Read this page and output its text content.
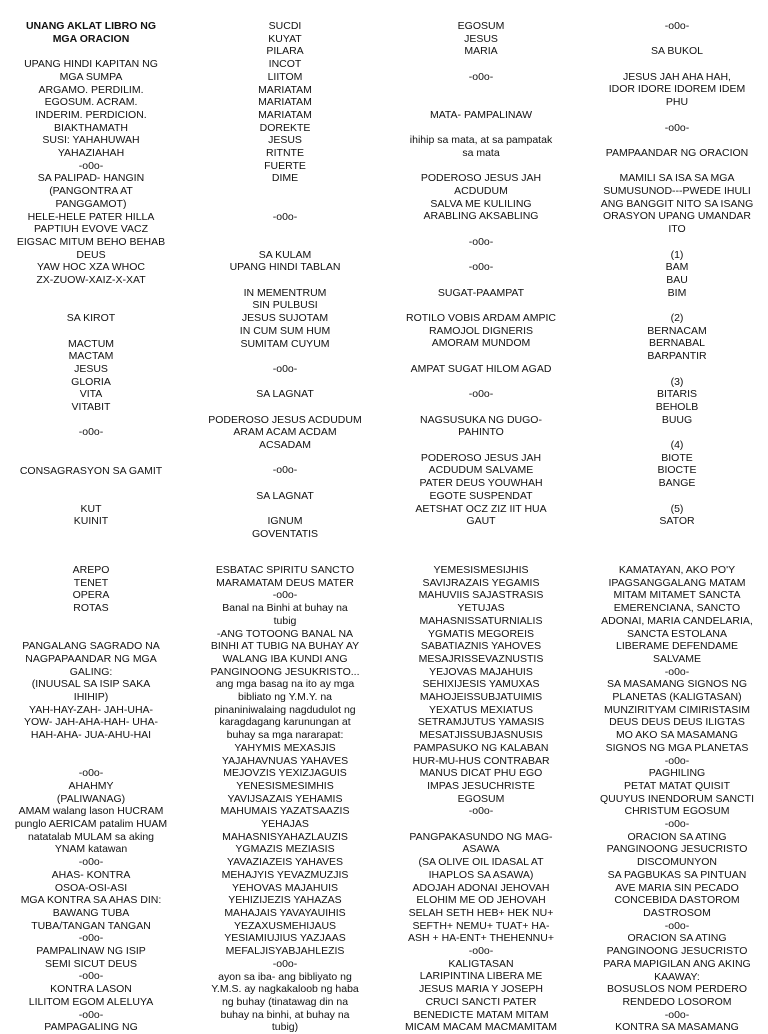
UNANG AKLAT LIBRO NG
MGA ORACION
UPANG HINDI KAPITAN NG
MGA SUMPA
ARGAMO. PERDILIM.
EGOSUM. ACRAM.
INDERIM. PERDICION.
BIAKTHAMATH
SUSI: YAHAHUWAH
YAHAZIAHAH
-o0o-
SA PALIPAD- HANGIN
(PANGONTRA AT
PANGGAMOT)
HELE-HELE PATER HILLA
PAPTIUH EVOVE VACZ
EIGSAC MITUM BEHO BEHAB
DEUS
YAW HOC XZA WHOC
ZX-ZUOW-XAIZ-X-XAT
SA KIROT
MACTUM
MACTAM
JESUS
GLORIA
VITA
VITABIT
-o0o-
CONSAGRASYON SA GAMIT
KUT
KUINIT
SUCDI
KUYAT
PILARA
INCOT
LIITOM
MARIATAM
MARIATAM
MARIATAM
DOREKTE
JESUS
RITNTE
FUERTE
DIME
-o0o-
SA KULAM
UPANG HINDI TABLAN
IN MEMENTRUM
SIN PULBUSI
JESUS SUJOTAM
IN CUM SUM HUM
SUMITAM CUYUM
-o0o-
SA LAGNAT
PODEROSO JESUS ACDUDUM
ARAM ACAM ACDAM
ACSADAM
-o0o-
SA LAGNAT
IGNUM
GOVENTATIS
EGOSUM
JESUS
MARIA
-o0o-
MATA- PAMPALINAW
ihihip sa mata, at sa pampatak
sa mata
PODEROSO JESUS JAH
ACDUDUM
SALVA ME KULILING
ARABLING AKSABLING
-o0o-
-o0o-
SUGAT-PAAMPAT
ROTILO VOBIS ARDAM AMPIC
RAMOJOL DIGNERIS
AMORAM MUNDOM
AMPAT SUGAT HILOM AGAD
-o0o-
NAGSUSUKA NG DUGO-
PAHINTO
PODEROSO JESUS JAH
ACDUDUM SALVAME
PATER DEUS YOUWHAH
EGOTE SUSPENDAT
AETSHAT OCZ ZIZ IIT HUA
GAUT
-o0o-
SA BUKOL
JESUS JAH AHA HAH,
IDOR IDORE IDOREM IDEM
PHU
-o0o-
PAMPAANDAR NG ORACION
MAMILI SA ISA SA MGA
SUMUSUNOD---PWEDE IHULI
ANG BANGGIT NITO SA ISANG
ORASYON UPANG UMANDAR
ITO
(1)
BAM
BAU
BIM
(2)
BERNACAM
BERNABAL
BARPANTIR
(3)
BITARIS
BEHOLB
BUUG
(4)
BIOTE
BIOCTE
BANGE
(5)
SATOR
AREPO
TENET
OPERA
ROTAS
PANGALANG SAGRADO NA
NAGPAPAANDAR NG MGA
GALING:
(INUUSAL SA ISIP SAKA
IHIHIP)
YAH-HAY-ZAH- JAH-UHA-
YOW- JAH-AHA-HAH- UHA-
HAH-AHA- JUA-AHU-HAI
-o0o-
AHAHMY
(PALIWANAG)
AMAM walang lason HUCRAM
punglo AERICAM patalim HUAM
natatalab MULAM sa aking
YNAM katawan
-o0o-
AHAS- KONTRA
OSOA-OSI-ASI
MGA KONTRA SA AHAS DIN:
BAWANG TUBA
TUBA/TANGAN TANGAN
-o0o-
PAMPALINAW NG ISIP
SEMI SICUT DEUS
-o0o-
KONTRA LASON
LILITOM EGOM ALELUYA
-o0o-
PAMPAGALING NG
ESBATAC SPIRITU SANCTO
MARAMATAM DEUS MATER
-o0o-
Banal na Binhi at buhay na
tubig
-ANG TOTOONG BANAL NA
BINHI AT TUBIG NA BUHAY AY
WALANG IBA KUNDI ANG
PANGINOONG JESUKRISTO...
ang mga basag na ito ay mga
bibliato ng Y.M.Y. na
pinaniniwalaing nagdudulot ng
karagdagang karunungan at
buhay sa mga nararapat:
YAHYMIS MEXASJIS
YAJAHAVNUAS YAHAVES
MEJOVZIS YEXIZJAGUIS
YENESISMESIMHIS
YAVIJSAZAIS YEHAMIS
MAHUMAIS YAZATSAAZIS
YEHAJAS
MAHASNISYAHAZLAUZIS
YGMAZIS MEZIASIS
YAVAZIAZEIS YAHAVES
MEHAJYIS YEVAZMUZJIS
YEHOVAS MAJAHUIS
YEHIZIJEZIS YAHAZAS
MAHAJAIS YAVAYAUIHIS
YEZAXUSMEHIJAUS
YESIAMIUJIUS YAZJAAS
MEFALJISYABJAHLEZIS
-o0o-
ayon sa iba- ang bibliyato ng
Y.M.S. ay nagkakaloob ng haba
ng buhay (tinatawag din na
buhay na binhi, at buhay na
tubig)
YEMESISMESIJHIS
SAVIJRAZAIS YEGAMIS
MAHUVIIS SAJASTRASIS
YETUJAS
MAHASNISSATURNIALIS
YGMATIS MEGOREIS
SABATIAZNIS YAHOVES
MESAJRISSEVAZNUSTIS
YEJOVAS MAJAHUIS
SEHIXIJESIS YAMUXAS
MAHOJEISSUBJATUIMIS
YEXATUS MEXIATUS
SETRAMJUTUS YAMASIS
MESATJISSUBJASNUSIS
PAMPASUKO NG KALABAN
HUR-MU-HUS CONTRABAR
MANUS DICAT PHU EGO
IMPAS JESUCHRISTE
EGOSUM
-o0o-
PANGPAKASUNDO NG MAG-
ASAWA
(SA OLIVE OIL IDASAL AT
IHAPLOS SA ASAWA)
ADOJAH ADONAI JEHOVAH
ELOHIM ME OD JEHOVAH
SELAH SETH HEB+ HEK NU+
SEFTH+ NEMU+ TUAT+ HA-
ASH + HA-ENT+ THEHENNU+
-o0o-
KALIGTASAN
LARIPINTINA LIBERA ME
JESUS MARIA Y JOSEPH
CRUCI SANCTI PATER
BENEDICTE MATAM MITAM
MICAM MACAM MACMAMITAM
KAMATAYAN, AKO PO'Y
IPAGSANGGALANG MATAM
MITAM MITAMET SANCTA
EMERENCIANA, SANCTO
ADONAI, MARIA CANDELARIA,
SANCTA ESTOLANA
LIBERAME DEFENDAME
SALVAME
-o0o-
SA MASAMANG SIGNOS NG
PLANETAS (KALIGTASAN)
MUNZIRITYAM CIMIRISTASIM
DEUS DEUS DEUS ILIGTAS
MO AKO SA MASAMANG
SIGNOS NG MGA PLANETAS
-o0o-
PAGHILING
PETAT MATAT QUISIT
QUUYUS INENDORUM SANCTI
CHRISTUM EGOSUM
-o0o-
ORACION SA ATING
PANGINOONG JESUCRISTO
DISCOMUNYON
SA PAGBUKAS SA PINTUAN
AVE MARIA SIN PECADO
CONCEBIDA DASTOROM
DASTROSOM
-o0o-
ORACION SA ATING
PANGINOONG JESUCRISTO
PARA MAPIGILAN ANG AKING
KAAWAY:
BOSUSLOS NOM PERDERO
RENDEDO LOSOROM
-o0o-
KONTRA SA MASAMANG
